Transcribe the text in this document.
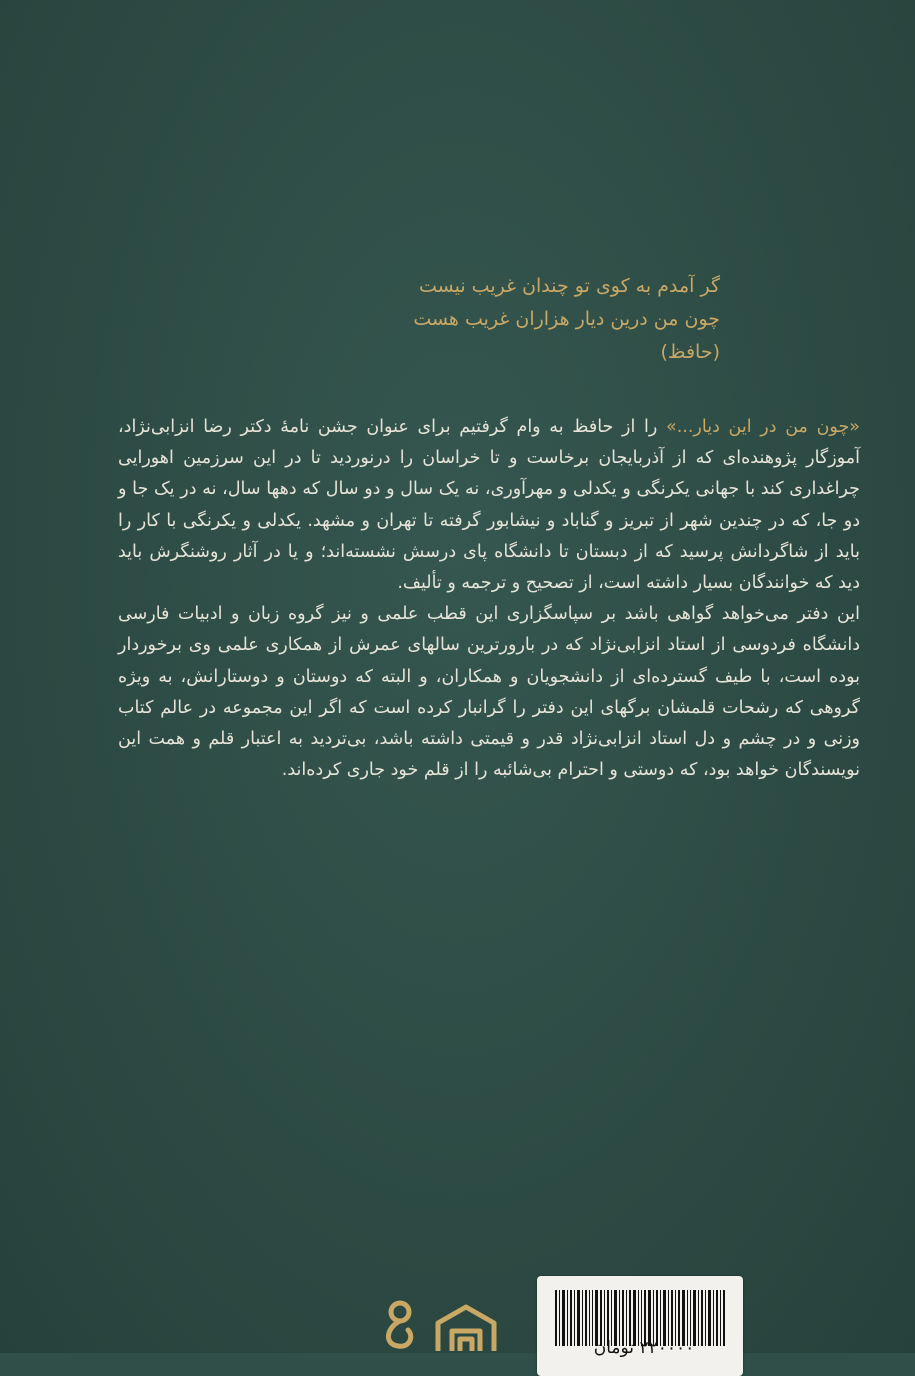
گر آمدم به کوی تو چندان غریب نیست
چون من درین دیار هزاران غریب هست
(حافظ)

«چون من در این دیار...» را از حافظ به وام گرفتیم برای عنوان جشن نامهٔ دکتر رضا انزابی‌نژاد، آموزگار پژوهنده‌ای که از آذربایجان برخاست و تا خراسان را درنوردید تا در این سرزمین اهورایی چراغداری کند با جهانی یکرنگی و یکدلی و مهرآوری، نه یک سال و دو سال که دهها سال، نه در یک جا و دو جا، که در چندین شهر از تبریز و گناباد و نیشابور گرفته تا تهران و مشهد. یکدلی و یکرنگی با کار را باید از شاگردانش پرسید که از دبستان تا دانشگاه پای درسش نشسته‌اند؛ و یا در آثار روشنگرش باید دید که خوانندگان بسیار داشته است، از تصحیح و ترجمه و تألیف.

این دفتر می‌خواهد گواهی باشد بر سپاسگزاری این قطب علمی و نیز گروه زبان و ادبیات فارسی دانشگاه فردوسی از استاد انزابی‌نژاد که در بارورترین سالهای عمرش از همکاری علمی وی برخوردار بوده است، با طیف گسترده‌ای از دانشجویان و همکاران، و البته که دوستان و دوستارانش، به ویژه گروهی که رشحات قلمشان برگهای این دفتر را گرانبار کرده است که اگر این مجموعه در عالم کتاب وزنی و در چشم و دل استاد انزابی‌نژاد قدر و قیمتی داشته باشد، بی‌تردید به اعتبار قلم و همت این نویسندگان خواهد بود، که دوستی و احترام بی‌شائبه را از قلم خود جاری کرده‌اند.

۲۲۰۰۰۰ تومان
